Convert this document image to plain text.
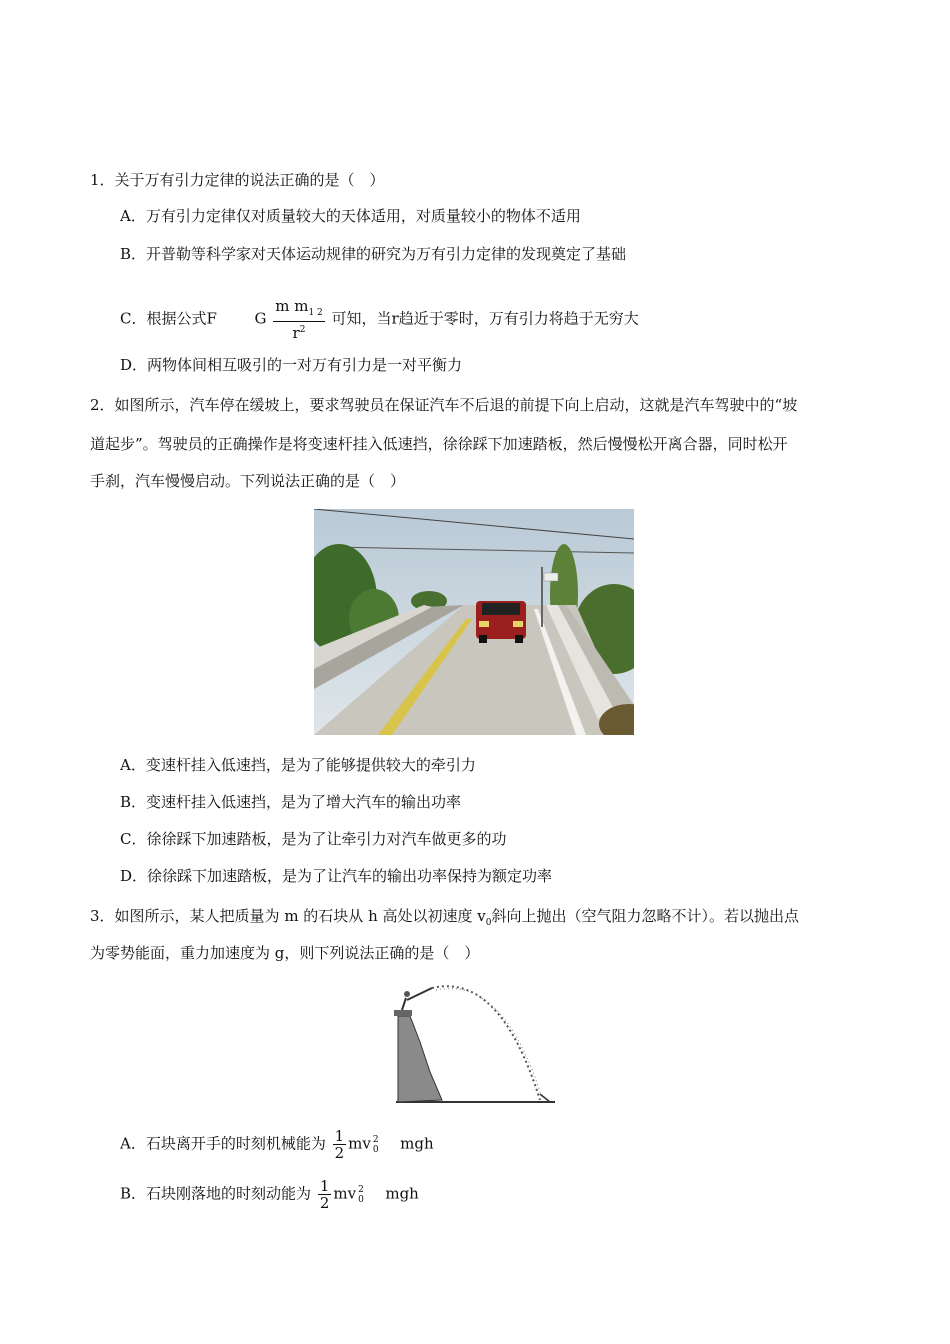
1．关于万有引力定律的说法正确的是（　）
A．万有引力定律仅对质量较大的天体适用，对质量较小的物体不适用
B．开普勒等科学家对天体运动规律的研究为万有引力定律的发现奠定了基础
C．根据公式F	G $\frac{m m_{1 2}}{r^2}$ 可知，当r趋近于零时，万有引力将趋于无穷大
D．两物体间相互吸引的一对万有引力是一对平衡力
2．如图所示，汽车停在缓坡上，要求驾驶员在保证汽车不后退的前提下向上启动，这就是汽车驾驶中的“坡
道起步”。驾驶员的正确操作是将变速杆挂入低速挡，徐徐踩下加速踏板，然后慢慢松开离合器，同时松开
手刹，汽车慢慢启动。下列说法正确的是（　）
A．变速杆挂入低速挡，是为了能够提供较大的牵引力
B．变速杆挂入低速挡，是为了增大汽车的输出功率
C．徐徐踩下加速踏板，是为了让牵引力对汽车做更多的功
D．徐徐踩下加速踏板，是为了让汽车的输出功率保持为额定功率
3．如图所示，某人把质量为 m 的石块从 h 高处以初速度 $v_0$斜向上抛出（空气阻力忽略不计）。若以抛出点
为零势能面，重力加速度为 g，则下列说法正确的是（　）
A．石块离开手的时刻机械能为 $\frac{1}{2}$ mv 2
0 mgh
B．石块刚落地的时刻动能为 $\frac{1}{2}$ mv 2
0 mgh
